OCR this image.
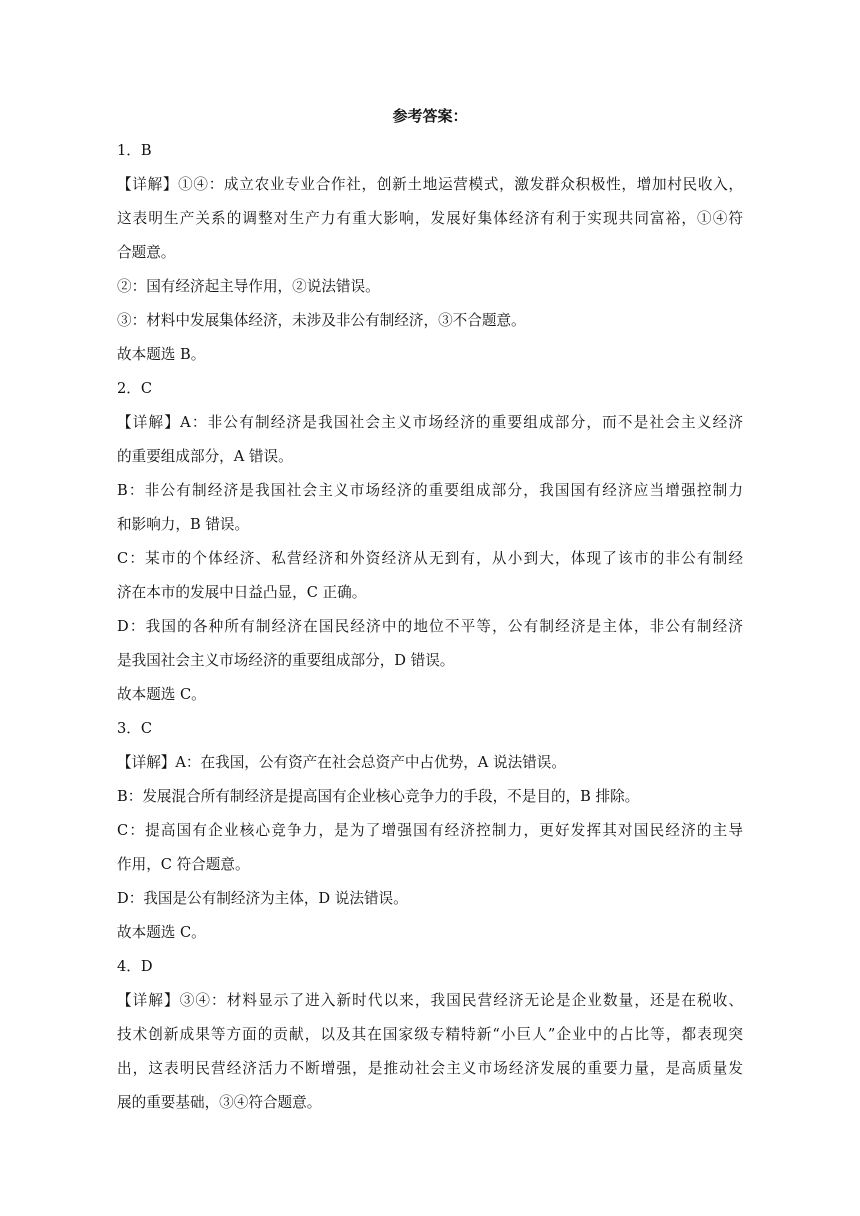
参考答案：
1．B
【详解】①④：成立农业专业合作社，创新土地运营模式，激发群众积极性，增加村民收入，
这表明生产关系的调整对生产力有重大影响，发展好集体经济有利于实现共同富裕，①④符
合题意。
②：国有经济起主导作用，②说法错误。
③：材料中发展集体经济，未涉及非公有制经济，③不合题意。
故本题选 B。
2．C
【详解】A：非公有制经济是我国社会主义市场经济的重要组成部分，而不是社会主义经济
的重要组成部分，A 错误。
B：非公有制经济是我国社会主义市场经济的重要组成部分，我国国有经济应当增强控制力
和影响力，B 错误。
C：某市的个体经济、私营经济和外资经济从无到有，从小到大，体现了该市的非公有制经
济在本市的发展中日益凸显，C 正确。
D：我国的各种所有制经济在国民经济中的地位不平等，公有制经济是主体，非公有制经济
是我国社会主义市场经济的重要组成部分，D 错误。
故本题选 C。
3．C
【详解】A：在我国，公有资产在社会总资产中占优势，A 说法错误。
B：发展混合所有制经济是提高国有企业核心竞争力的手段，不是目的，B 排除。
C：提高国有企业核心竞争力，是为了增强国有经济控制力，更好发挥其对国民经济的主导
作用，C 符合题意。
D：我国是公有制经济为主体，D 说法错误。
故本题选 C。
4．D
【详解】③④：材料显示了进入新时代以来，我国民营经济无论是企业数量，还是在税收、
技术创新成果等方面的贡献，以及其在国家级专精特新“小巨人”企业中的占比等，都表现突
出，这表明民营经济活力不断增强，是推动社会主义市场经济发展的重要力量，是高质量发
展的重要基础，③④符合题意。
